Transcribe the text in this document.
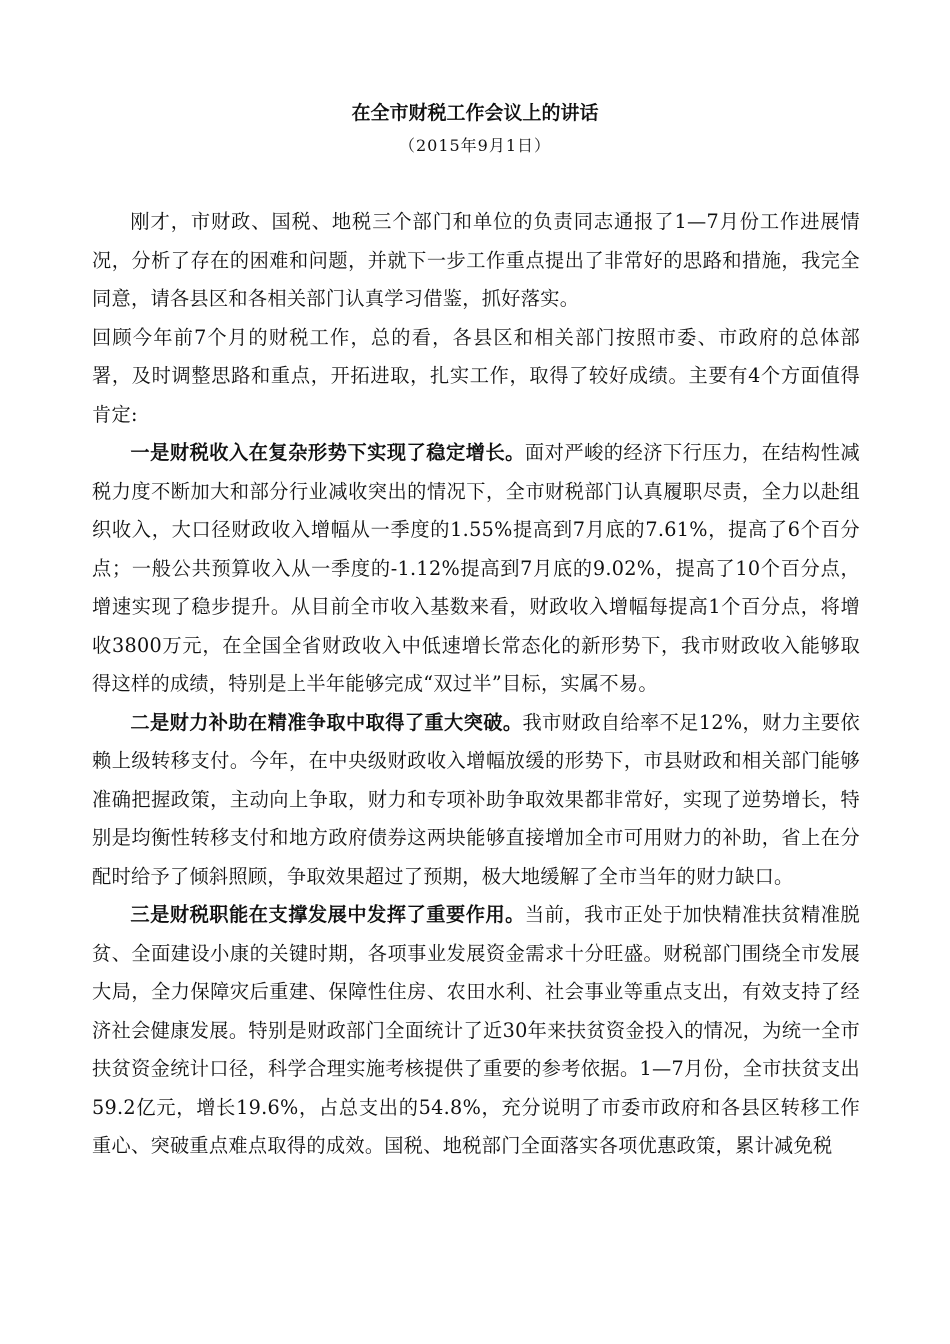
在全市财税工作会议上的讲话
（2015年9月1日）

刚才，市财政、国税、地税三个部门和单位的负责同志通报了1—7月份工作进展情况，分析了存在的困难和问题，并就下一步工作重点提出了非常好的思路和措施，我完全同意，请各县区和各相关部门认真学习借鉴，抓好落实。

回顾今年前7个月的财税工作，总的看，各县区和相关部门按照市委、市政府的总体部署，及时调整思路和重点，开拓进取，扎实工作，取得了较好成绩。主要有4个方面值得肯定:

一是财税收入在复杂形势下实现了稳定增长。面对严峻的经济下行压力，在结构性减税力度不断加大和部分行业减收突出的情况下，全市财税部门认真履职尽责，全力以赴组织收入，大口径财政收入增幅从一季度的1.55%提高到7月底的7.61%，提高了6个百分点；一般公共预算收入从一季度的-1.12%提高到7月底的9.02%，提高了10个百分点，增速实现了稳步提升。从目前全市收入基数来看，财政收入增幅每提高1个百分点，将增收3800万元，在全国全省财政收入中低速增长常态化的新形势下，我市财政收入能够取得这样的成绩，特别是上半年能够完成“双过半”目标，实属不易。

二是财力补助在精准争取中取得了重大突破。我市财政自给率不足12%，财力主要依赖上级转移支付。今年，在中央级财政收入增幅放缓的形势下，市县财政和相关部门能够准确把握政策，主动向上争取，财力和专项补助争取效果都非常好，实现了逆势增长，特别是均衡性转移支付和地方政府债券这两块能够直接增加全市可用财力的补助，省上在分配时给予了倾斜照顾，争取效果超过了预期，极大地缓解了全市当年的财力缺口。

三是财税职能在支撑发展中发挥了重要作用。当前，我市正处于加快精准扶贫精准脱贫、全面建设小康的关键时期，各项事业发展资金需求十分旺盛。财税部门围绕全市发展大局，全力保障灾后重建、保障性住房、农田水利、社会事业等重点支出，有效支持了经济社会健康发展。特别是财政部门全面统计了近30年来扶贫资金投入的情况，为统一全市扶贫资金统计口径，科学合理实施考核提供了重要的参考依据。1—7月份，全市扶贫支出59.2亿元，增长19.6%，占总支出的54.8%，充分说明了市委市政府和各县区转移工作重心、突破重点难点取得的成效。国税、地税部门全面落实各项优惠政策，累计减免税
